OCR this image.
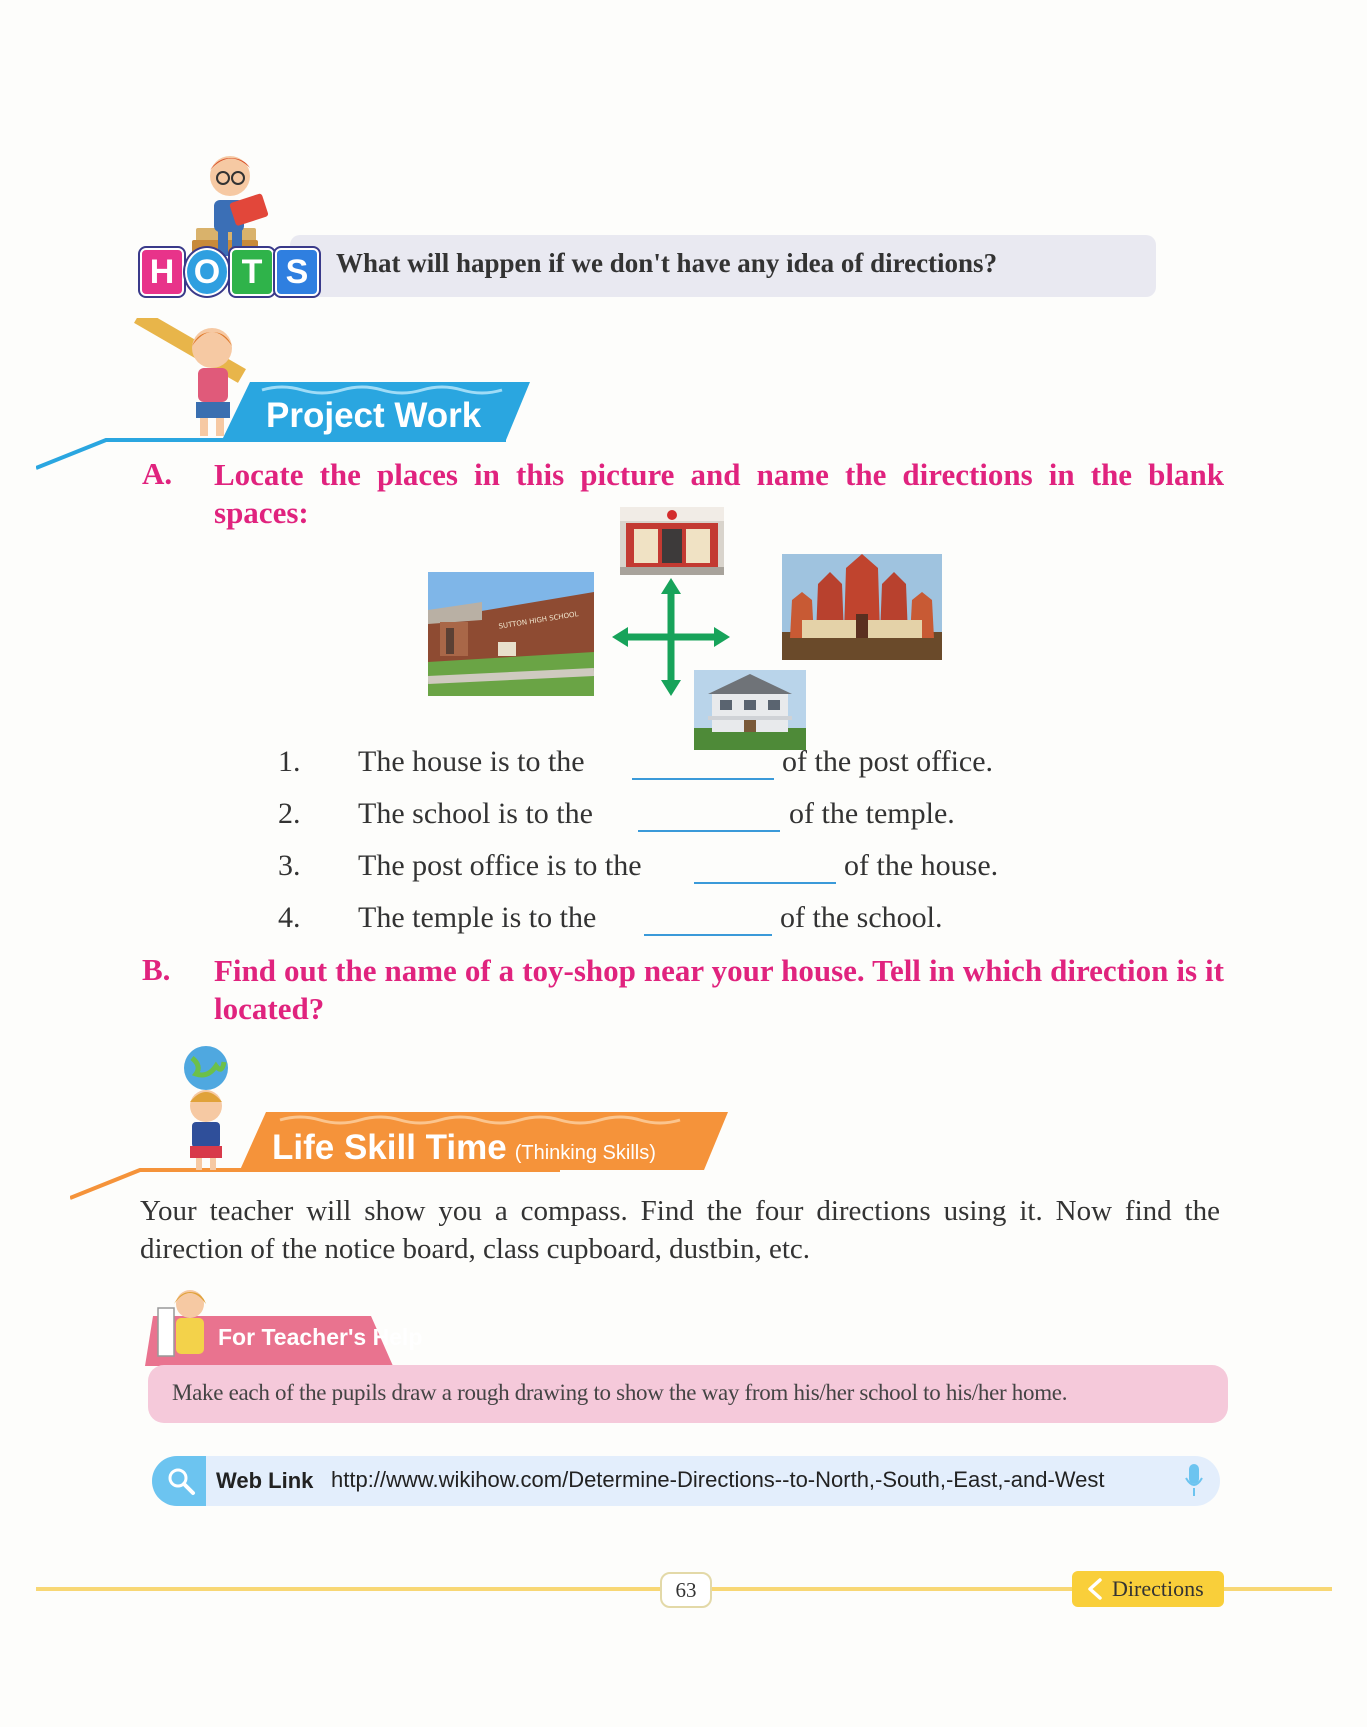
H O T S	What will happen if we don't have any idea of directions?
Project Work
A. Locate the places in this picture and name the directions in the blank spaces:
SUTTON HIGH SCHOOL
1. The house is to the	of the post office.
2. The school is to the	of the temple.
3. The post office is to the	of the house.
4. The temple is to the	of the school.
B. Find out the name of a toy-shop near your house. Tell in which direction is it located?
Life Skill Time (Thinking Skills)
Your teacher will show you a compass. Find the four directions using it. Now find the direction of the notice board, class cupboard, dustbin, etc.
For Teacher's Help
Make each of the pupils draw a rough drawing to show the way from his/her school to his/her home.
Web Link http://www.wikihow.com/Determine-Directions--to-North,-South,-East,-and-West
63	Directions
